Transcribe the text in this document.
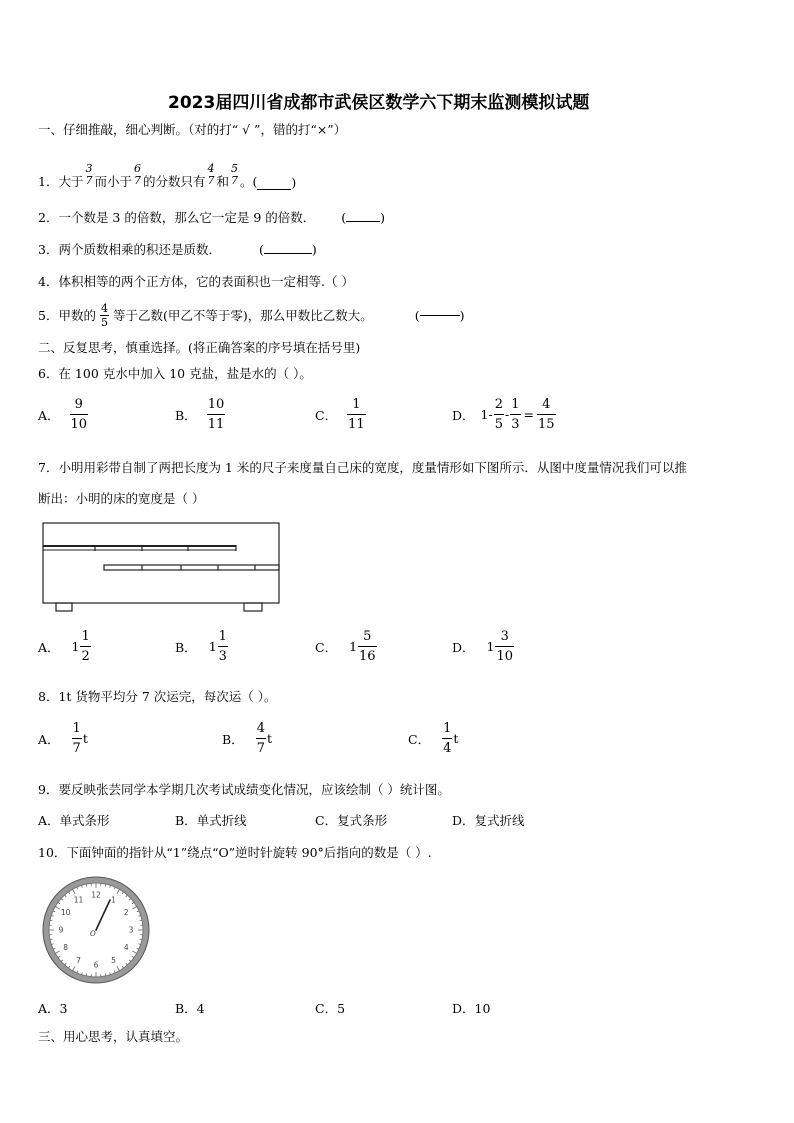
2023届四川省成都市武侯区数学六下期末监测模拟试题
一、仔细推敲，细心判断。（对的打“ √ ”，错的打“×”）
1． 大于
3
7 而小于
6
7 的分数只有
4
7 和
5
7 。(	)
2．一个数是 3 的倍数，那么它一定是 9 的倍数． (	)
3．两个质数相乘的积还是质数．	(	)
4．体积相等的两个正方体，它的表面积也一定相等.（ ）
5．甲数的 $\frac{4}{5}$ 等于乙数(甲乙不等于零)，那么甲数比乙数大。	(	)
二、反复思考，慎重选择。(将正确答案的序号填在括号里)
6．在 100 克水中加入 10 克盐，盐是水的（ ）。
A． $\frac{9}{10}$	B． $\frac{10}{11}$	C． $\frac{1}{11}$	D． $1- \frac{2}{5} - \frac{1}{3} = \frac{4}{15}$
7．小明用彩带自制了两把长度为 1 米的尺子来度量自己床的宽度，度量情形如下图所示．从图中度量情况我们可以推
断出：小明的床的宽度是（ ）
A． $1 \frac{1}{2}$	B． $1 \frac{1}{3}$	C． $1 \frac{5}{16}$	D． $1 \frac{3}{10}$
8．1t 货物平均分 7 次运完，每次运（ ）。
A． $\frac{1}{7}$ t	B． $\frac{4}{7}$ t	C． $\frac{1}{4}$ t
9．要反映张芸同学本学期几次考试成绩变化情况，应该绘制（ ）统计图。
A．单式条形	B．单式折线	C．复式条形	D．复式折线
10．下面钟面的指针从“1”绕点“O”逆时针旋转 90°后指向的数是（ ）.
12
1
2
3
4
5
6
7
8
9
10
11
O
A．3	B．4	C．5	D．10
三、用心思考，认真填空。
